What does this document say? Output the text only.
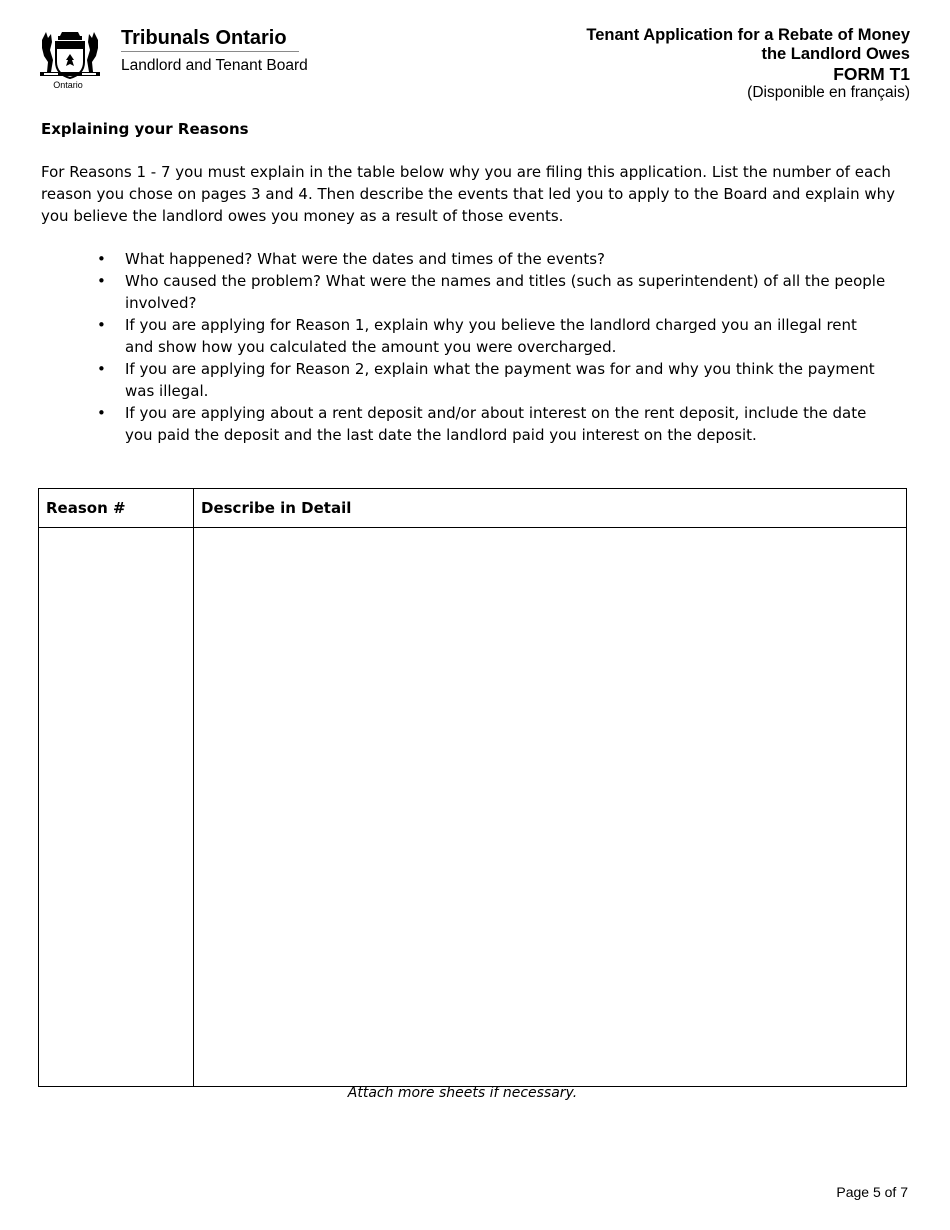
Ontario
Tribunals Ontario
Landlord and Tenant Board
Tenant Application for a Rebate of Money
the Landlord Owes
FORM T1
(Disponible en français)
Explaining your Reasons

For Reasons 1 - 7 you must explain in the table below why you are filing this application. List the number of each reason you chose on pages 3 and 4. Then describe the events that led you to apply to the Board and explain why you believe the landlord owes you money as a result of those events.

• What happened? What were the dates and times of the events?
• Who caused the problem? What were the names and titles (such as superintendent) of all the people involved?
• If you are applying for Reason 1, explain why you believe the landlord charged you an illegal rent and show how you calculated the amount you were overcharged.
• If you are applying for Reason 2, explain what the payment was for and why you think the payment was illegal.
• If you are applying about a rent deposit and/or about interest on the rent deposit, include the date you paid the deposit and the last date the landlord paid you interest on the deposit.
Reason #	Describe in Detail

Attach more sheets if necessary.
Page 5 of 7
